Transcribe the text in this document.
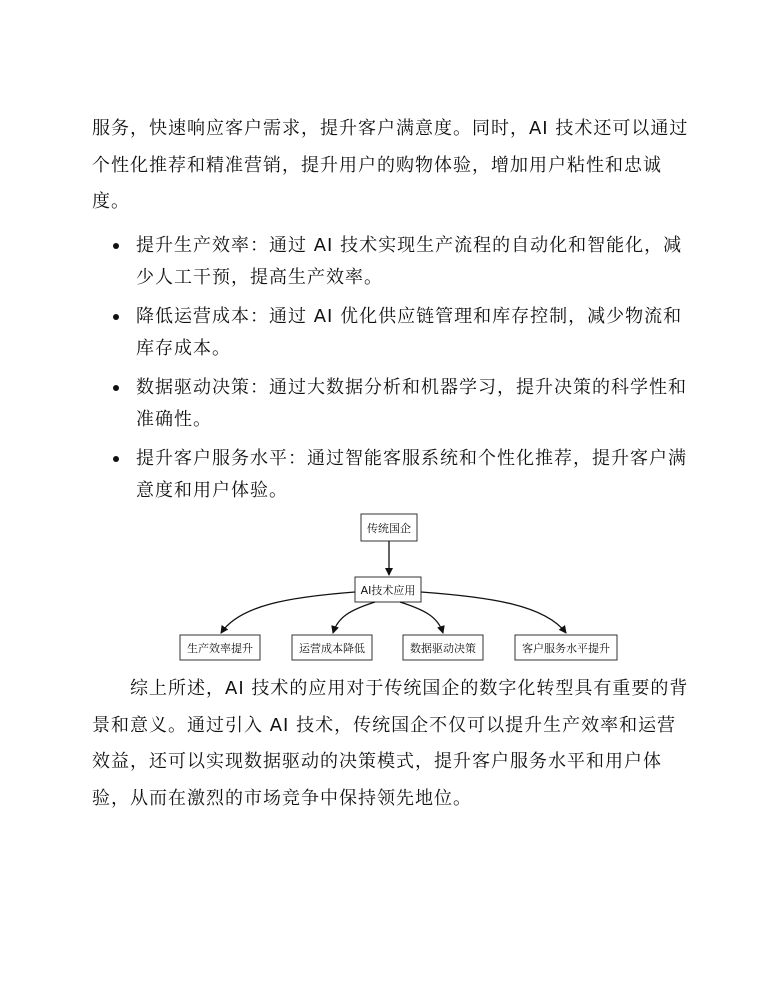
服务，快速响应客户需求，提升客户满意度。同时，AI 技术还可以通过个性化推荐和精准营销，提升用户的购物体验，增加用户粘性和忠诚度。

提升生产效率：通过 AI 技术实现生产流程的自动化和智能化，减少人工干预，提高生产效率。
降低运营成本：通过 AI 优化供应链管理和库存控制，减少物流和库存成本。
数据驱动决策：通过大数据分析和机器学习，提升决策的科学性和准确性。
提升客户服务水平：通过智能客服系统和个性化推荐，提升客户满意度和用户体验。
传统国企
AI技术应用
生产效率提升	运营成本降低	数据驱动决策	客户服务水平提升

综上所述，AI 技术的应用对于传统国企的数字化转型具有重要的背景和意义。通过引入 AI 技术，传统国企不仅可以提升生产效率和运营效益，还可以实现数据驱动的决策模式，提升客户服务水平和用户体验，从而在激烈的市场竞争中保持领先地位。
